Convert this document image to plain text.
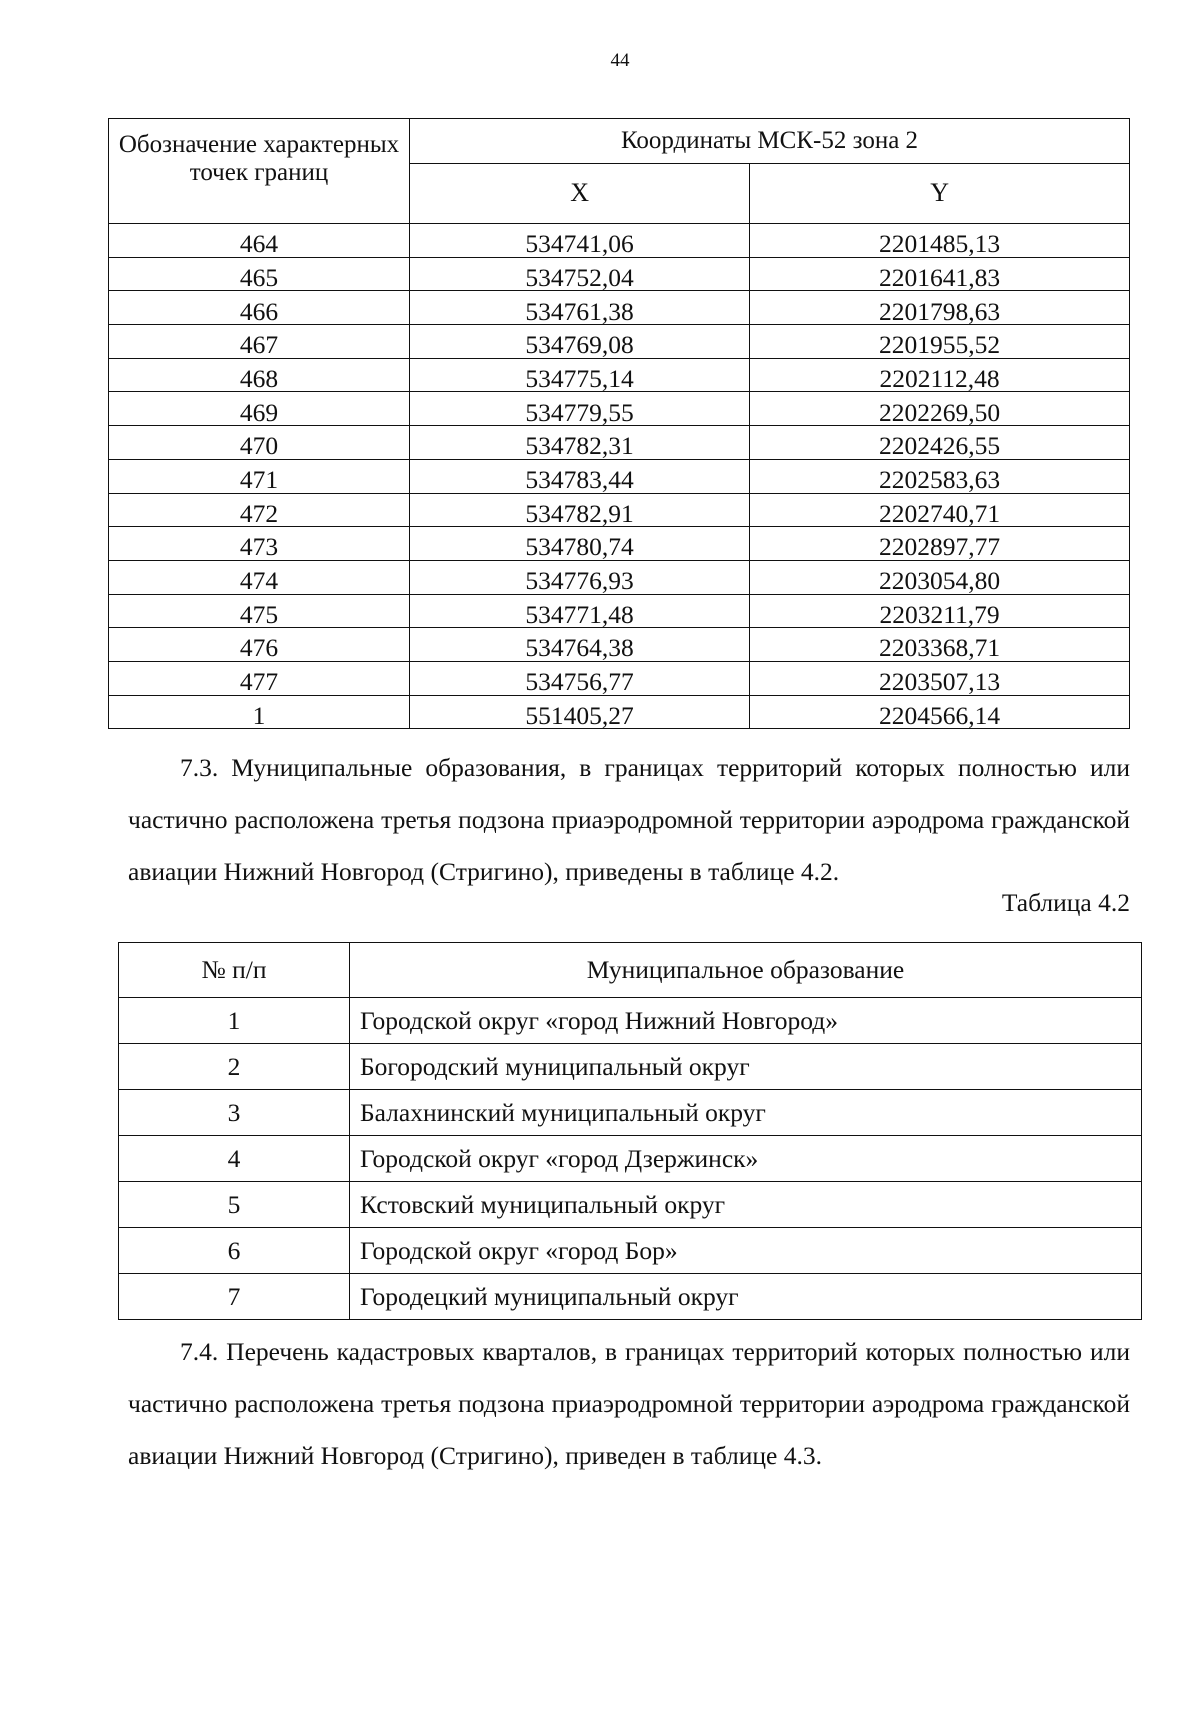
44
Обозначение характерных точек границ	Координаты МСК-52 зона 2	
	X	Y
464	534741,06	2201485,13
465	534752,04	2201641,83
466	534761,38	2201798,63
467	534769,08	2201955,52
468	534775,14	2202112,48
469	534779,55	2202269,50
470	534782,31	2202426,55
471	534783,44	2202583,63
472	534782,91	2202740,71
473	534780,74	2202897,77
474	534776,93	2203054,80
475	534771,48	2203211,79
476	534764,38	2203368,71
477	534756,77	2203507,13
1	551405,27	2204566,14
7.3. Муниципальные образования, в границах территорий которых полностью или частично расположена третья подзона приаэродромной территории аэродрома гражданской авиации Нижний Новгород (Стригино), приведены в таблице 4.2.
Таблица 4.2
№ п/п	Муниципальное образование
1	Городской округ «город Нижний Новгород»
2	Богородский муниципальный округ
3	Балахнинский муниципальный округ
4	Городской округ «город Дзержинск»
5	Кстовский муниципальный округ
6	Городской округ «город Бор»
7	Городецкий муниципальный округ
7.4. Перечень кадастровых кварталов, в границах территорий которых полностью или частично расположена третья подзона приаэродромной территории аэродрома гражданской авиации Нижний Новгород (Стригино), приведен в таблице 4.3.
